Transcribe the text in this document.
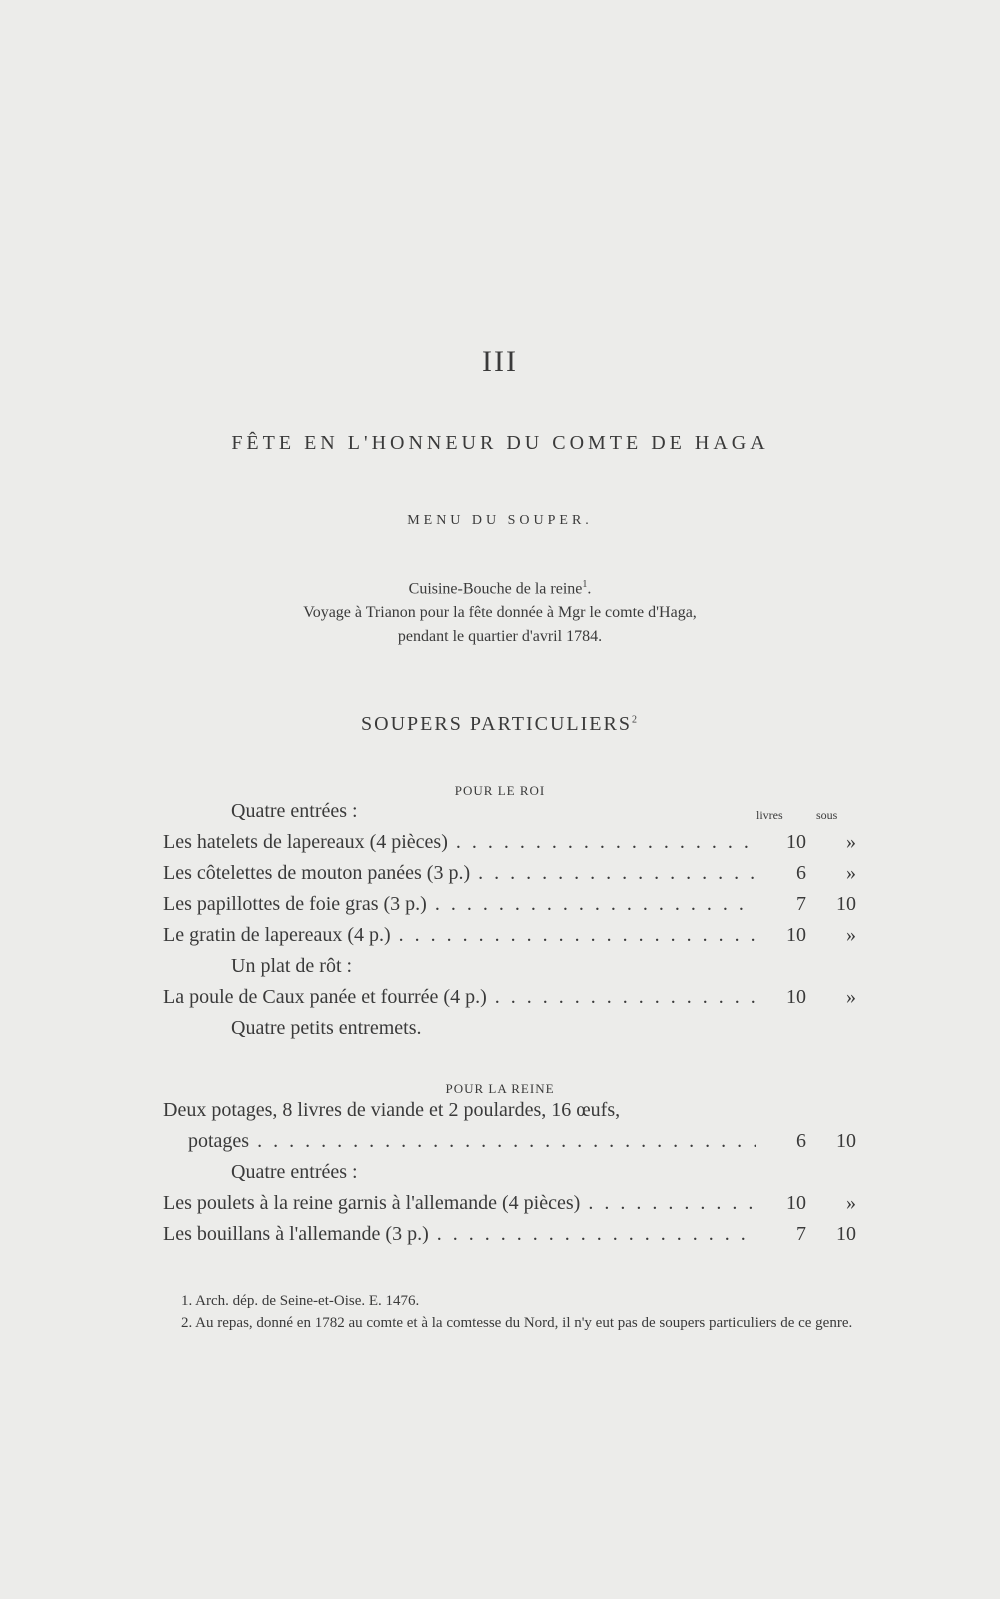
III
FÊTE EN L'HONNEUR DU COMTE DE HAGA
MENU DU SOUPER.
Cuisine-Bouche de la reine$^1$.
Voyage à Trianon pour la fête donnée à Mgr le comte d'Haga,
pendant le quartier d'avril 1784.
SOUPERS PARTICULIERS$^2$
POUR LE ROI
Quatre entrées :	livres	sous
Les hatelets de lapereaux (4 pièces) . . .	10	»
Les côtelettes de mouton panées (3 p.) . . .	6	»
Les papillottes de foie gras (3 p.) . . .	7	10
Le gratin de lapereaux (4 p.) . . .	10	»
Un plat de rôt :
La poule de Caux panée et fourrée (4 p.) . . .	10	»
Quatre petits entremets.
POUR LA REINE
Deux potages, 8 livres de viande et 2 poulardes, 16 œufs,
potages . . .	6	10
Quatre entrées :
Les poulets à la reine garnis à l'allemande (4 pièces) . . .	10	»
Les bouillans à l'allemande (3 p.) . . .	7	10
1. Arch. dép. de Seine-et-Oise. E. 1476.
2. Au repas, donné en 1782 au comte et à la comtesse du Nord, il n'y eut pas de soupers particuliers de ce genre.
